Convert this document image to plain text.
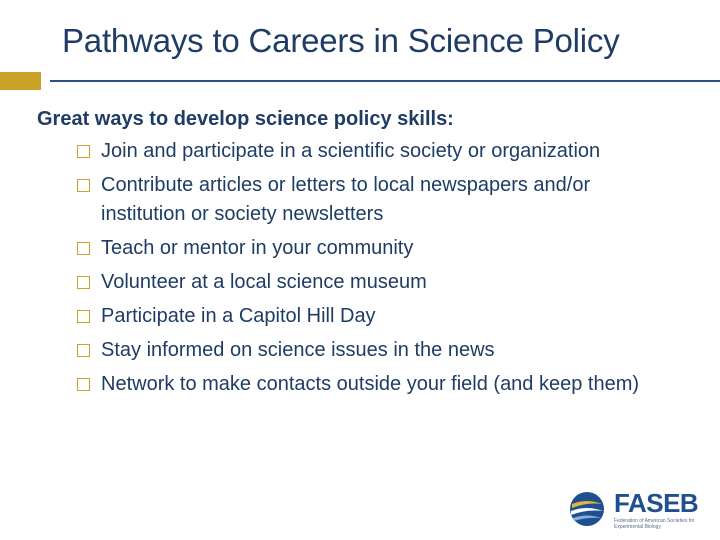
Pathways to Careers in Science Policy
Great ways to develop science policy skills:
Join and participate in a scientific society or organization
Contribute articles or letters to local newspapers and/or institution or society newsletters
Teach or mentor in your community
Volunteer at a local science museum
Participate in a Capitol Hill Day
Stay informed on science issues in the news
Network to make contacts outside your field (and keep them)
FASEB
Federation of American Societies for Experimental Biology
